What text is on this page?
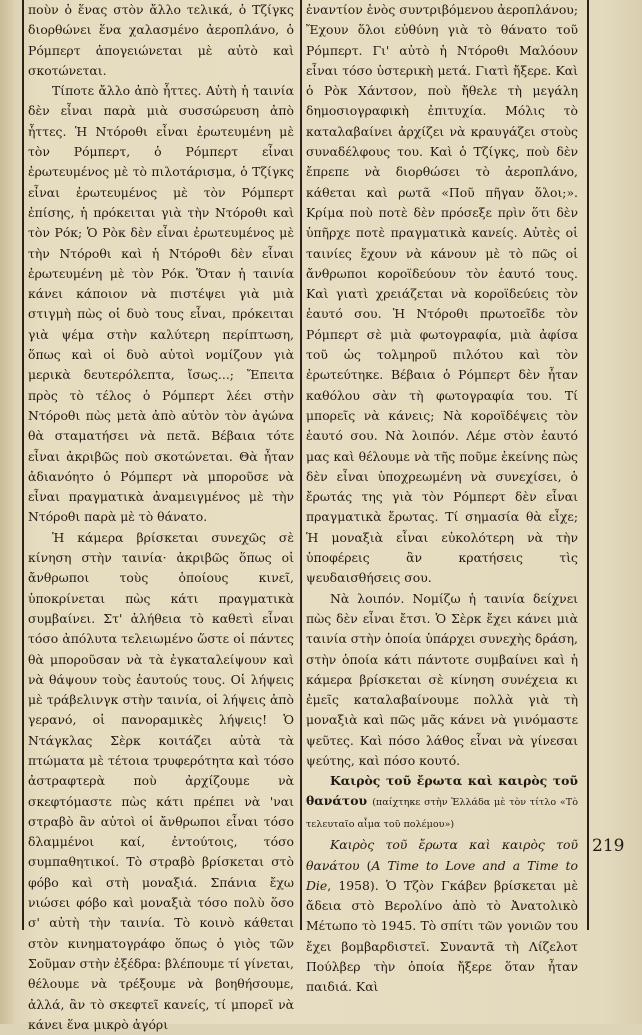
ποὺν ὁ ἕνας στὸν ἄλλο τελικά, ὁ Τζίγκς διορθώνει ἕνα χαλασμένο ἀεροπλάνο, ὁ Ρόμπερτ ἀπογειώνεται μὲ αὐτὸ καὶ σκοτώνεται.

Τίποτε ἄλλο ἀπὸ ἧττες. Αὐτὴ ἡ ταινία δὲν εἶναι παρὰ μιὰ συσσώρευση ἀπὸ ἧττες. Ἡ Ντόροθι εἶναι ἐρωτευμένη μὲ τὸν Ρόμπερτ, ὁ Ρόμπερτ εἶναι ἐρωτευμένος μὲ τὸ πιλοτάρισμα, ὁ Τζίγκς εἶναι ἐρωτευμένος μὲ τὸν Ρόμπερτ ἐπίσης, ἡ πρόκειται γιὰ τὴν Ντόροθι καὶ τὸν Ρόκ; Ὁ Ρὸκ δὲν εἶναι ἐρωτευμένος μὲ τὴν Ντόροθι καὶ ἡ Ντόροθι δὲν εἶναι ἐρωτευμένη μὲ τὸν Ρόκ. Ὅταν ἡ ταινία κάνει κάποιον νὰ πιστέψει γιὰ μιὰ στιγμὴ πὼς οἱ δυὸ τους εἶναι, πρόκειται γιὰ ψέμα στὴν καλύτερη περίπτωση, ὅπως καὶ οἱ δυὸ αὐτοὶ νομίζουν γιὰ μερικὰ δευτερόλεπτα, ἴσως...; Ἔπειτα πρὸς τὸ τέλος ὁ Ρόμπερτ λέει στὴν Ντόροθι πὼς μετὰ ἀπὸ αὐτὸν τὸν ἀγώνα θὰ σταματήσει νὰ πετᾶ. Βέβαια τότε εἶναι ἀκριβῶς ποὺ σκοτώνεται. Θὰ ἦταν ἀδιανόητο ὁ Ρόμπερτ νὰ μποροῦσε νὰ εἶναι πραγματικὰ ἀναμειγμένος μὲ τὴν Ντόροθι παρὰ μὲ τὸ θάνατο.

Ἡ κάμερα βρίσκεται συνεχῶς σὲ κίνηση στὴν ταινία· ἀκριβῶς ὅπως οἱ ἄνθρωποι τοὺς ὁποίους κινεῖ, ὑποκρίνεται πὼς κάτι πραγματικὰ συμβαίνει. Στ' ἀλήθεια τὸ καθετὶ εἶναι τόσο ἀπόλυτα τελειωμένο ὥστε οἱ πάντες θὰ μποροῦσαν νὰ τὰ ἐγκαταλείψουν καὶ νὰ θάψουν τοὺς ἑαυτούς τους. Οἱ λήψεις μὲ τράβελινγκ στὴν ταινία, οἱ λήψεις ἀπὸ γερανό, οἱ πανοραμικὲς λήψεις! Ὁ Ντάγκλας Σὲρκ κοιτάζει αὐτὰ τὰ πτώματα μὲ τέτοια τρυφερότητα καὶ τόσο ἀστραφτερὰ ποὺ ἀρχίζουμε νὰ σκεφτόμαστε πὼς κάτι πρέπει νὰ 'ναι στραβὸ ἂν αὐτοὶ οἱ ἄνθρωποι εἶναι τόσο δλαμμένοι καί, ἐντούτοις, τόσο συμπαθητικοί. Τὸ στραβὸ βρίσκεται στὸ φόβο καὶ στὴ μοναξιά. Σπάνια ἔχω νιώσει φόβο καὶ μοναξιὰ τόσο πολὺ ὅσο σ' αὐτὴ τὴν ταινία. Τὸ κοινὸ κάθεται στὸν κινηματογράφο ὅπως ὁ γιὸς τῶν Σοῦμαν στὴν ἐξέδρα: βλέπουμε τί γίνεται, θέλουμε νὰ τρέξουμε νὰ βοηθήσουμε, ἀλλά, ἂν τὸ σκεφτεῖ κανείς, τί μπορεῖ νὰ κάνει ἕνα μικρὸ ἀγόρι

ἐναντίον ἑνὸς συντριβόμενου ἀεροπλάνου; Ἔχουν ὅλοι εὐθύνη γιὰ τὸ θάνατο τοῦ Ρόμπερτ. Γι' αὐτὸ ἡ Ντόροθι Μαλόουν εἶναι τόσο ὑστερικὴ μετά. Γιατὶ ἤξερε. Καὶ ὁ Ρὸκ Χάντσον, ποὺ ἤθελε τὴ μεγάλη δημοσιογραφικὴ ἐπιτυχία. Μόλις τὸ καταλαβαίνει ἀρχίζει νὰ κραυγάζει στοὺς συναδέλφους του. Καὶ ὁ Τζίγκς, ποὺ δὲν ἔπρεπε νὰ διορθώσει τὸ ἀεροπλάνο, κάθεται καὶ ρωτᾶ «Ποῦ πῆγαν ὅλοι;». Κρίμα ποὺ ποτὲ δὲν πρόσεξε πρὶν ὅτι δὲν ὑπῆρχε ποτὲ πραγματικὰ κανείς. Αὐτὲς οἱ ταινίες ἔχουν νὰ κάνουν μὲ τὸ πῶς οἱ ἄνθρωποι κοροϊδεύουν τὸν ἑαυτό τους. Καὶ γιατὶ χρειάζεται νὰ κοροϊδεύεις τὸν ἑαυτό σου. Ἡ Ντόροθι πρωτοεῖδε τὸν Ρόμπερτ σὲ μιὰ φωτογραφία, μιὰ ἀφίσα τοῦ ὡς τολμηροῦ πιλότου καὶ τὸν ἐρωτεύτηκε. Βέβαια ὁ Ρόμπερτ δὲν ἦταν καθόλου σὰν τὴ φωτογραφία του. Τί μπορεῖς νὰ κάνεις; Νὰ κοροϊδέψεις τὸν ἑαυτό σου. Νὰ λοιπόν. Λέμε στὸν ἑαυτό μας καὶ θέλουμε νὰ τῆς ποῦμε ἐκείνης πὼς δὲν εἶναι ὑποχρεωμένη νὰ συνεχίσει, ὁ ἔρωτάς της γιὰ τὸν Ρόμπερτ δὲν εἶναι πραγματικὰ ἔρωτας. Τί σημασία θὰ εἶχε; Ἡ μοναξιὰ εἶναι εὐκολότερη νὰ τὴν ὑποφέρεις ἂν κρατήσεις τὶς ψευδαισθήσεις σου.

Νὰ λοιπόν. Νομίζω ἡ ταινία δείχνει πὼς δὲν εἶναι ἔτσι. Ὁ Σὲρκ ἔχει κάνει μιὰ ταινία στὴν ὁποία ὑπάρχει συνεχὴς δράση, στὴν ὁποία κάτι πάντοτε συμβαίνει καὶ ἡ κάμερα βρίσκεται σὲ κίνηση συνέχεια κι ἐμεῖς καταλαβαίνουμε πολλὰ γιὰ τὴ μοναξιὰ καὶ πῶς μᾶς κάνει νὰ γινόμαστε ψεῦτες. Καὶ πόσο λάθος εἶναι νὰ γίνεσαι ψεύτης, καὶ πόσο κουτό.

Καιρὸς τοῦ ἔρωτα καὶ καιρὸς τοῦ θανάτου (παίχτηκε στὴν Ἑλλάδα μὲ τὸν τίτλο «Τὸ τελευταῖο αἷμα τοῦ πολέμου»)

Καιρὸς τοῦ ἔρωτα καὶ καιρὸς τοῦ θανάτου (A Time to Love and a Time to Die, 1958). Ὁ Τζὸν Γκάβεν βρίσκεται μὲ ἄδεια στὸ Βερολίνο ἀπὸ τὸ Ἀνατολικὸ Μέτωπο τὸ 1945. Τὸ σπίτι τῶν γονιῶν του ἔχει βομβαρδιστεῖ. Συναντᾶ τὴ Λίζελοτ Πούλβερ τὴν ὁποία ἤξερε ὅταν ἦταν παιδιά. Καὶ

219
